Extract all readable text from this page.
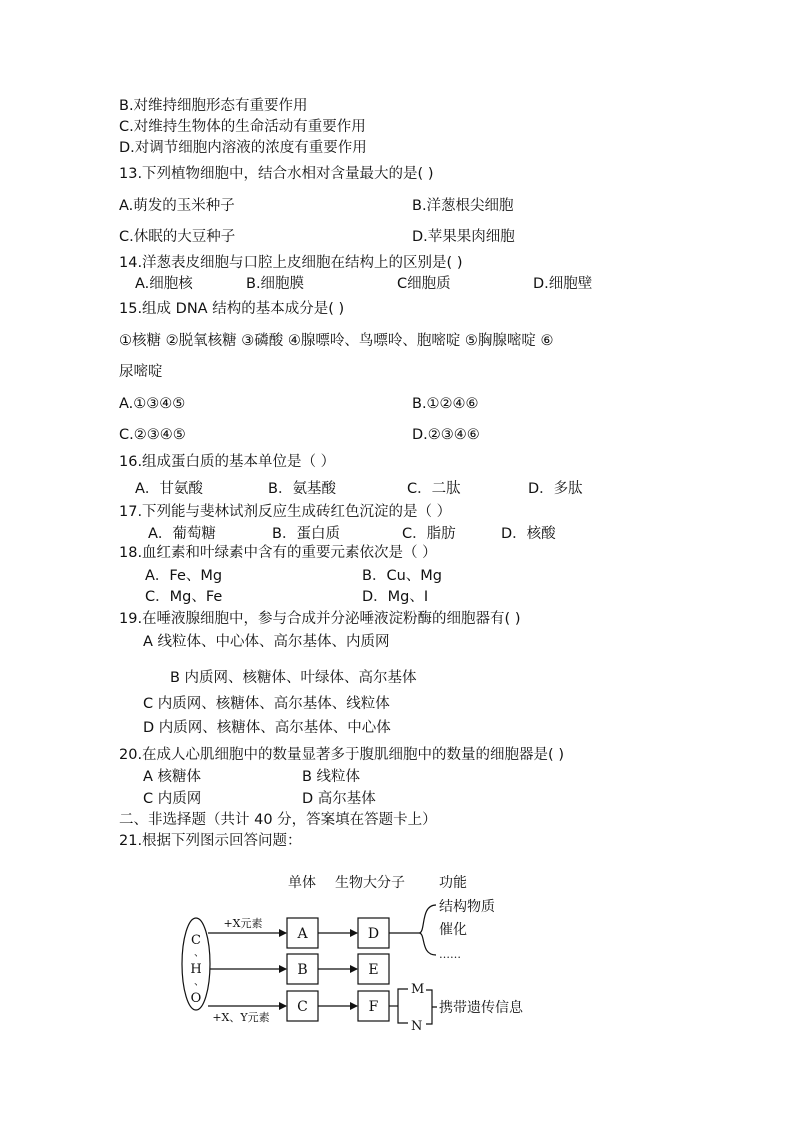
B.对维持细胞形态有重要作用
C.对维持生物体的生命活动有重要作用
D.对调节细胞内溶液的浓度有重要作用
13.下列植物细胞中，结合水相对含量最大的是( )
A.萌发的玉米种子	B.洋葱根尖细胞
C.休眠的大豆种子	D.苹果果肉细胞
14.洋葱表皮细胞与口腔上皮细胞在结构上的区别是( )
A.细胞核	B.细胞膜	C细胞质	D.细胞壁
15.组成 DNA 结构的基本成分是( )
①核糖 ②脱氧核糖 ③磷酸 ④腺嘌呤、鸟嘌呤、胞嘧啶 ⑤胸腺嘧啶 ⑥
尿嘧啶
A.①③④⑤	B.①②④⑥
C.②③④⑤	D.②③④⑥
16.组成蛋白质的基本单位是（ ）
A．甘氨酸	B．氨基酸	C．二肽	D．多肽
17.下列能与斐林试剂反应生成砖红色沉淀的是（ ）
A．葡萄糖	B．蛋白质	C．脂肪	D．核酸
18.血红素和叶绿素中含有的重要元素依次是（ ）
A．Fe、Mg	B．Cu、Mg
C．Mg、Fe	D．Mg、I
19.在唾液腺细胞中，参与合成并分泌唾液淀粉酶的细胞器有( )
A 线粒体、中心体、高尔基体、内质网
B 内质网、核糖体、叶绿体、高尔基体
C 内质网、核糖体、高尔基体、线粒体
D 内质网、核糖体、高尔基体、中心体
20.在成人心肌细胞中的数量显著多于腹肌细胞中的数量的细胞器是( )
A 核糖体	B 线粒体
C 内质网	D 高尔基体
二、非选择题（共计 40 分，答案填在答题卡上）
21.根据下列图示回答问题：
单体 生物大分子 功能
C
、
H
、
O
+X元素
+X、Y元素
A
B
C
D
E
F
结构物质
催化
……
M
N
携带遗传信息
